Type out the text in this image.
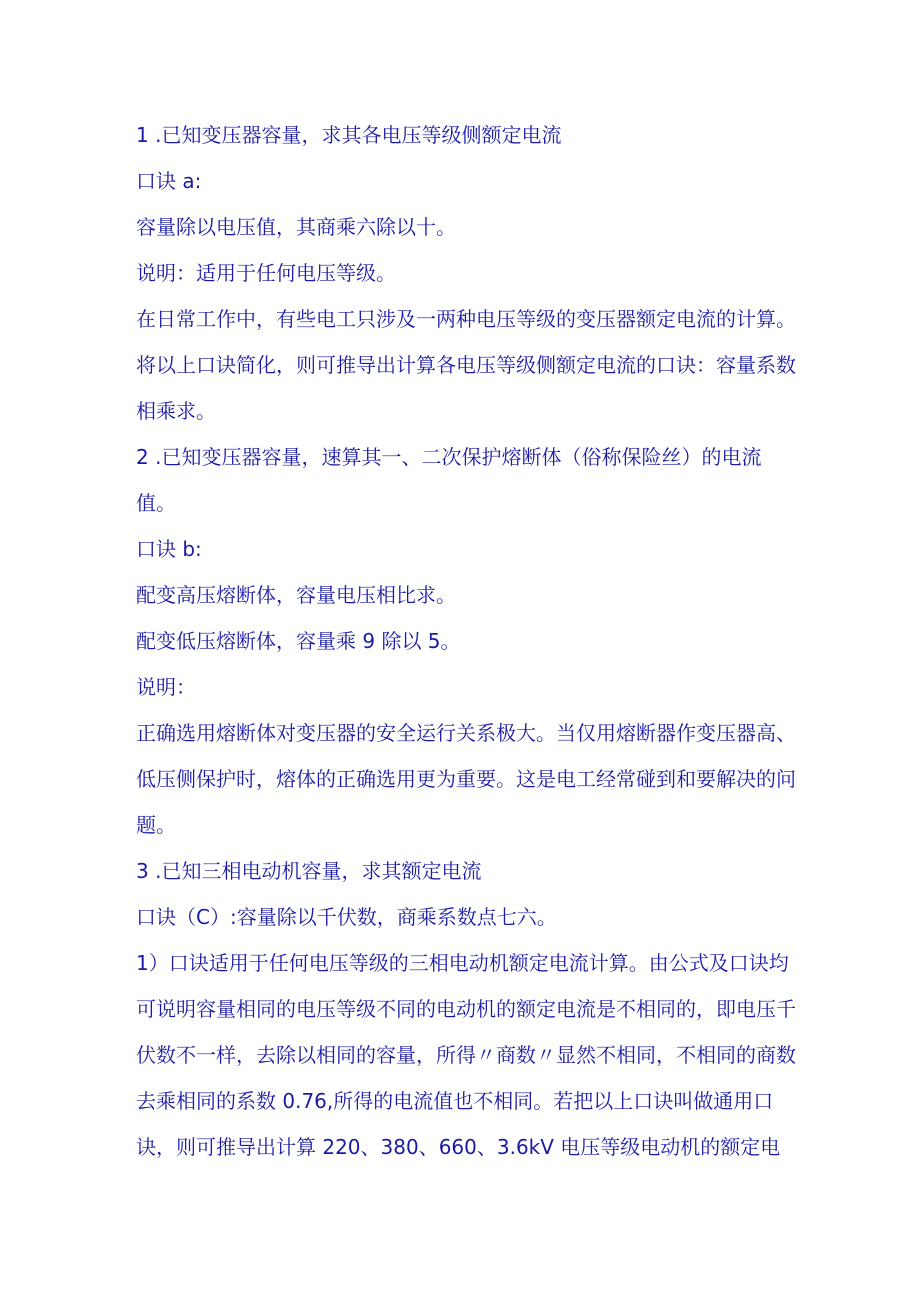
1 .已知变压器容量，求其各电压等级侧额定电流

口诀 a:

容量除以电压值，其商乘六除以十。

说明：适用于任何电压等级。

在日常工作中，有些电工只涉及一两种电压等级的变压器额定电流的计算。

将以上口诀简化，则可推导出计算各电压等级侧额定电流的口诀：容量系数相乘求。

2 .已知变压器容量，速算其一、二次保护熔断体（俗称保险丝）的电流值。

口诀 b:

配变高压熔断体，容量电压相比求。

配变低压熔断体，容量乘 9 除以 5。

说明：

正确选用熔断体对变压器的安全运行关系极大。当仅用熔断器作变压器高、低压侧保护时，熔体的正确选用更为重要。这是电工经常碰到和要解决的问题。

3 .已知三相电动机容量，求其额定电流

口诀（C）:容量除以千伏数，商乘系数点七六。

1）口诀适用于任何电压等级的三相电动机额定电流计算。由公式及口诀均可说明容量相同的电压等级不同的电动机的额定电流是不相同的，即电压千伏数不一样，去除以相同的容量，所得〃商数〃显然不相同，不相同的商数去乘相同的系数 0.76,所得的电流值也不相同。若把以上口诀叫做通用口诀，则可推导出计算 220、380、660、3.6kV 电压等级电动机的额定电
